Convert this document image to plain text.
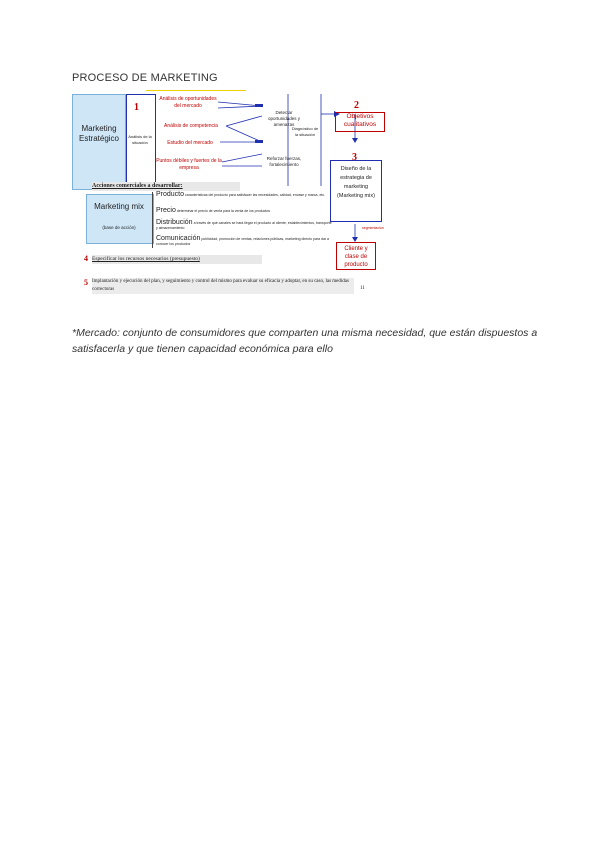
PROCESO DE MARKETING
Marketing Estratégico
1
Análisis de la situación
Análisis de oportunidades del mercado
Análisis de competencia
Estudio del mercado
Puntos débiles y fuertes de la empresa
Detectar oportunidades y amenazas
Reforzar fuerzas, fortalecimiento
Diagnóstico de la situación
2
Objetivos cualitativos
3
Diseño de la estrategia de marketing (Marketing mix)
segmentación
Cliente y clase de producto
Acciones comerciales a desarrollar:
Marketing mix
(base de acción)
Producto características del producto para satisfacer las necesidades, calidad, envase y marca, etc.
Precio determinar el precio de venta para la venta de los productos
Distribución a través de qué canales se hará llegar el producto al cliente, establecimientos, transporte y almacenamiento
Comunicación publicidad, promoción de ventas, relaciones públicas, marketing directo para dar a conocer los productos
4 Especificar los recursos necesarios (presupuesto)
5 Implantación y ejecución del plan, y seguimiento y control del mismo para evaluar su eficacia y adoptar, en su caso, las medidas correctoras	11
*Mercado: conjunto de consumidores que comparten una misma necesidad, que están dispuestos a satisfacerla y que tienen capacidad económica para ello
